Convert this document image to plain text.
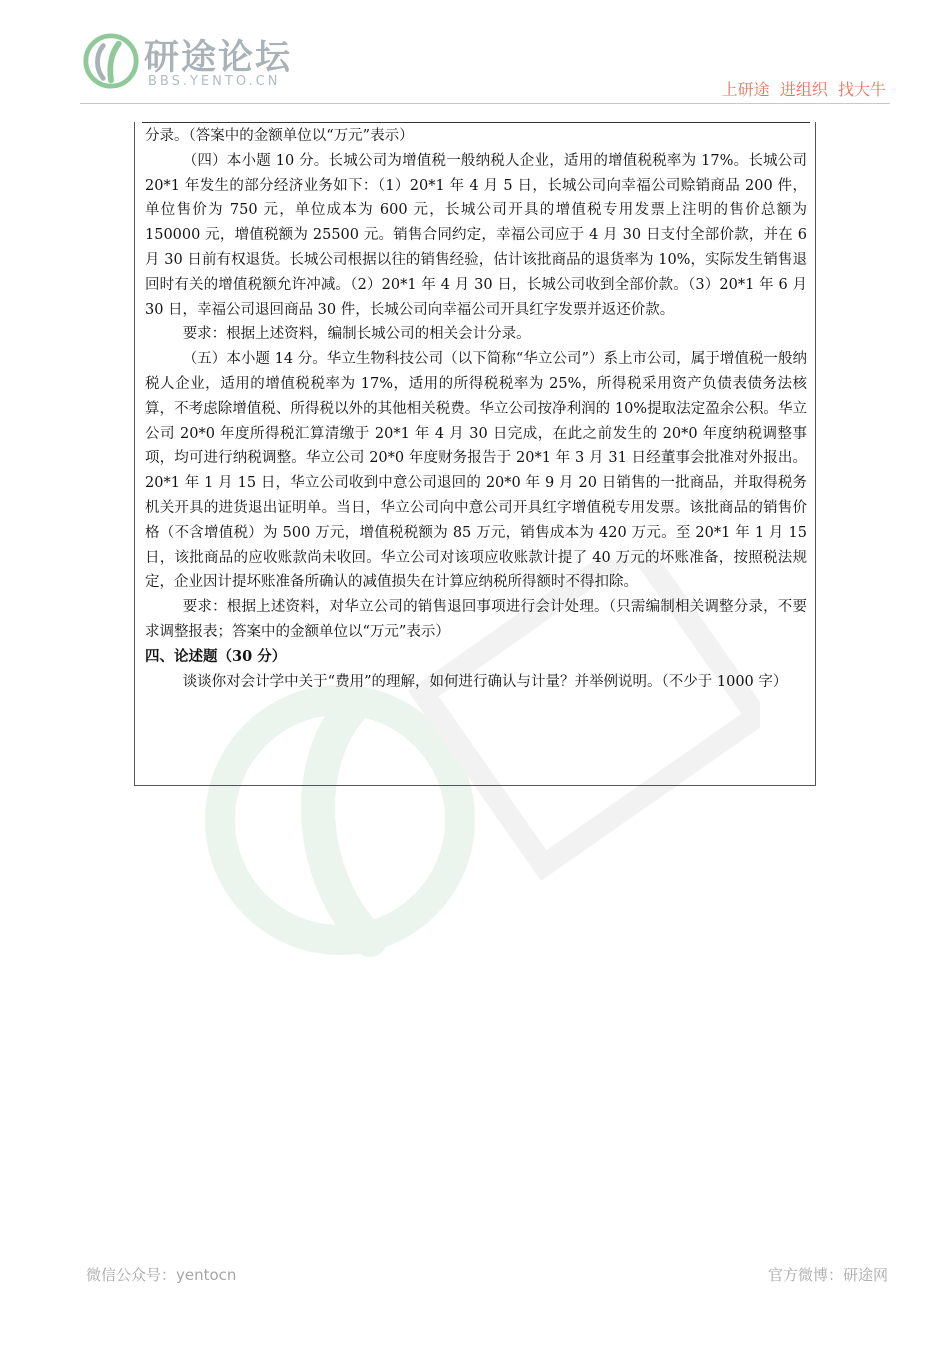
研途论坛
BBS.YENTO.CN	上研途  进组织  找大牛

分录。（答案中的金额单位以“万元”表示）

（四）本小题 10 分。长城公司为增值税一般纳税人企业，适用的增值税税率为 17%。长城公司 20*1 年发生的部分经济业务如下：（1）20*1 年 4 月 5 日，长城公司向幸福公司赊销商品 200 件，单位售价为 750 元，单位成本为 600 元，长城公司开具的增值税专用发票上注明的售价总额为 150000 元，增值税额为 25500 元。销售合同约定，幸福公司应于 4 月 30 日支付全部价款，并在 6 月 30 日前有权退货。长城公司根据以往的销售经验，估计该批商品的退货率为 10%，实际发生销售退回时有关的增值税额允许冲减。（2）20*1 年 4 月 30 日，长城公司收到全部价款。（3）20*1 年 6 月 30 日，幸福公司退回商品 30 件，长城公司向幸福公司开具红字发票并返还价款。

要求：根据上述资料，编制长城公司的相关会计分录。

（五）本小题 14 分。华立生物科技公司（以下简称“华立公司”）系上市公司，属于增值税一般纳税人企业，适用的增值税税率为 17%，适用的所得税税率为 25%，所得税采用资产负债表债务法核算，不考虑除增值税、所得税以外的其他相关税费。华立公司按净利润的 10%提取法定盈余公积。华立公司 20*0 年度所得税汇算清缴于 20*1 年 4 月 30 日完成，在此之前发生的 20*0 年度纳税调整事项，均可进行纳税调整。华立公司 20*0 年度财务报告于 20*1 年 3 月 31 日经董事会批准对外报出。20*1 年 1 月 15 日，华立公司收到中意公司退回的 20*0 年 9 月 20 日销售的一批商品，并取得税务机关开具的进货退出证明单。当日，华立公司向中意公司开具红字增值税专用发票。该批商品的销售价格（不含增值税）为 500 万元，增值税税额为 85 万元，销售成本为 420 万元。至 20*1 年 1 月 15 日，该批商品的应收账款尚未收回。华立公司对该项应收账款计提了 40 万元的坏账准备，按照税法规定，企业因计提坏账准备所确认的减值损失在计算应纳税所得额时不得扣除。

要求：根据上述资料，对华立公司的销售退回事项进行会计处理。（只需编制相关调整分录，不要求调整报表；答案中的金额单位以“万元”表示）

四、论述题（30 分）

谈谈你对会计学中关于“费用”的理解，如何进行确认与计量？并举例说明。（不少于 1000 字）

微信公众号：yentocn	官方微博：研途网
